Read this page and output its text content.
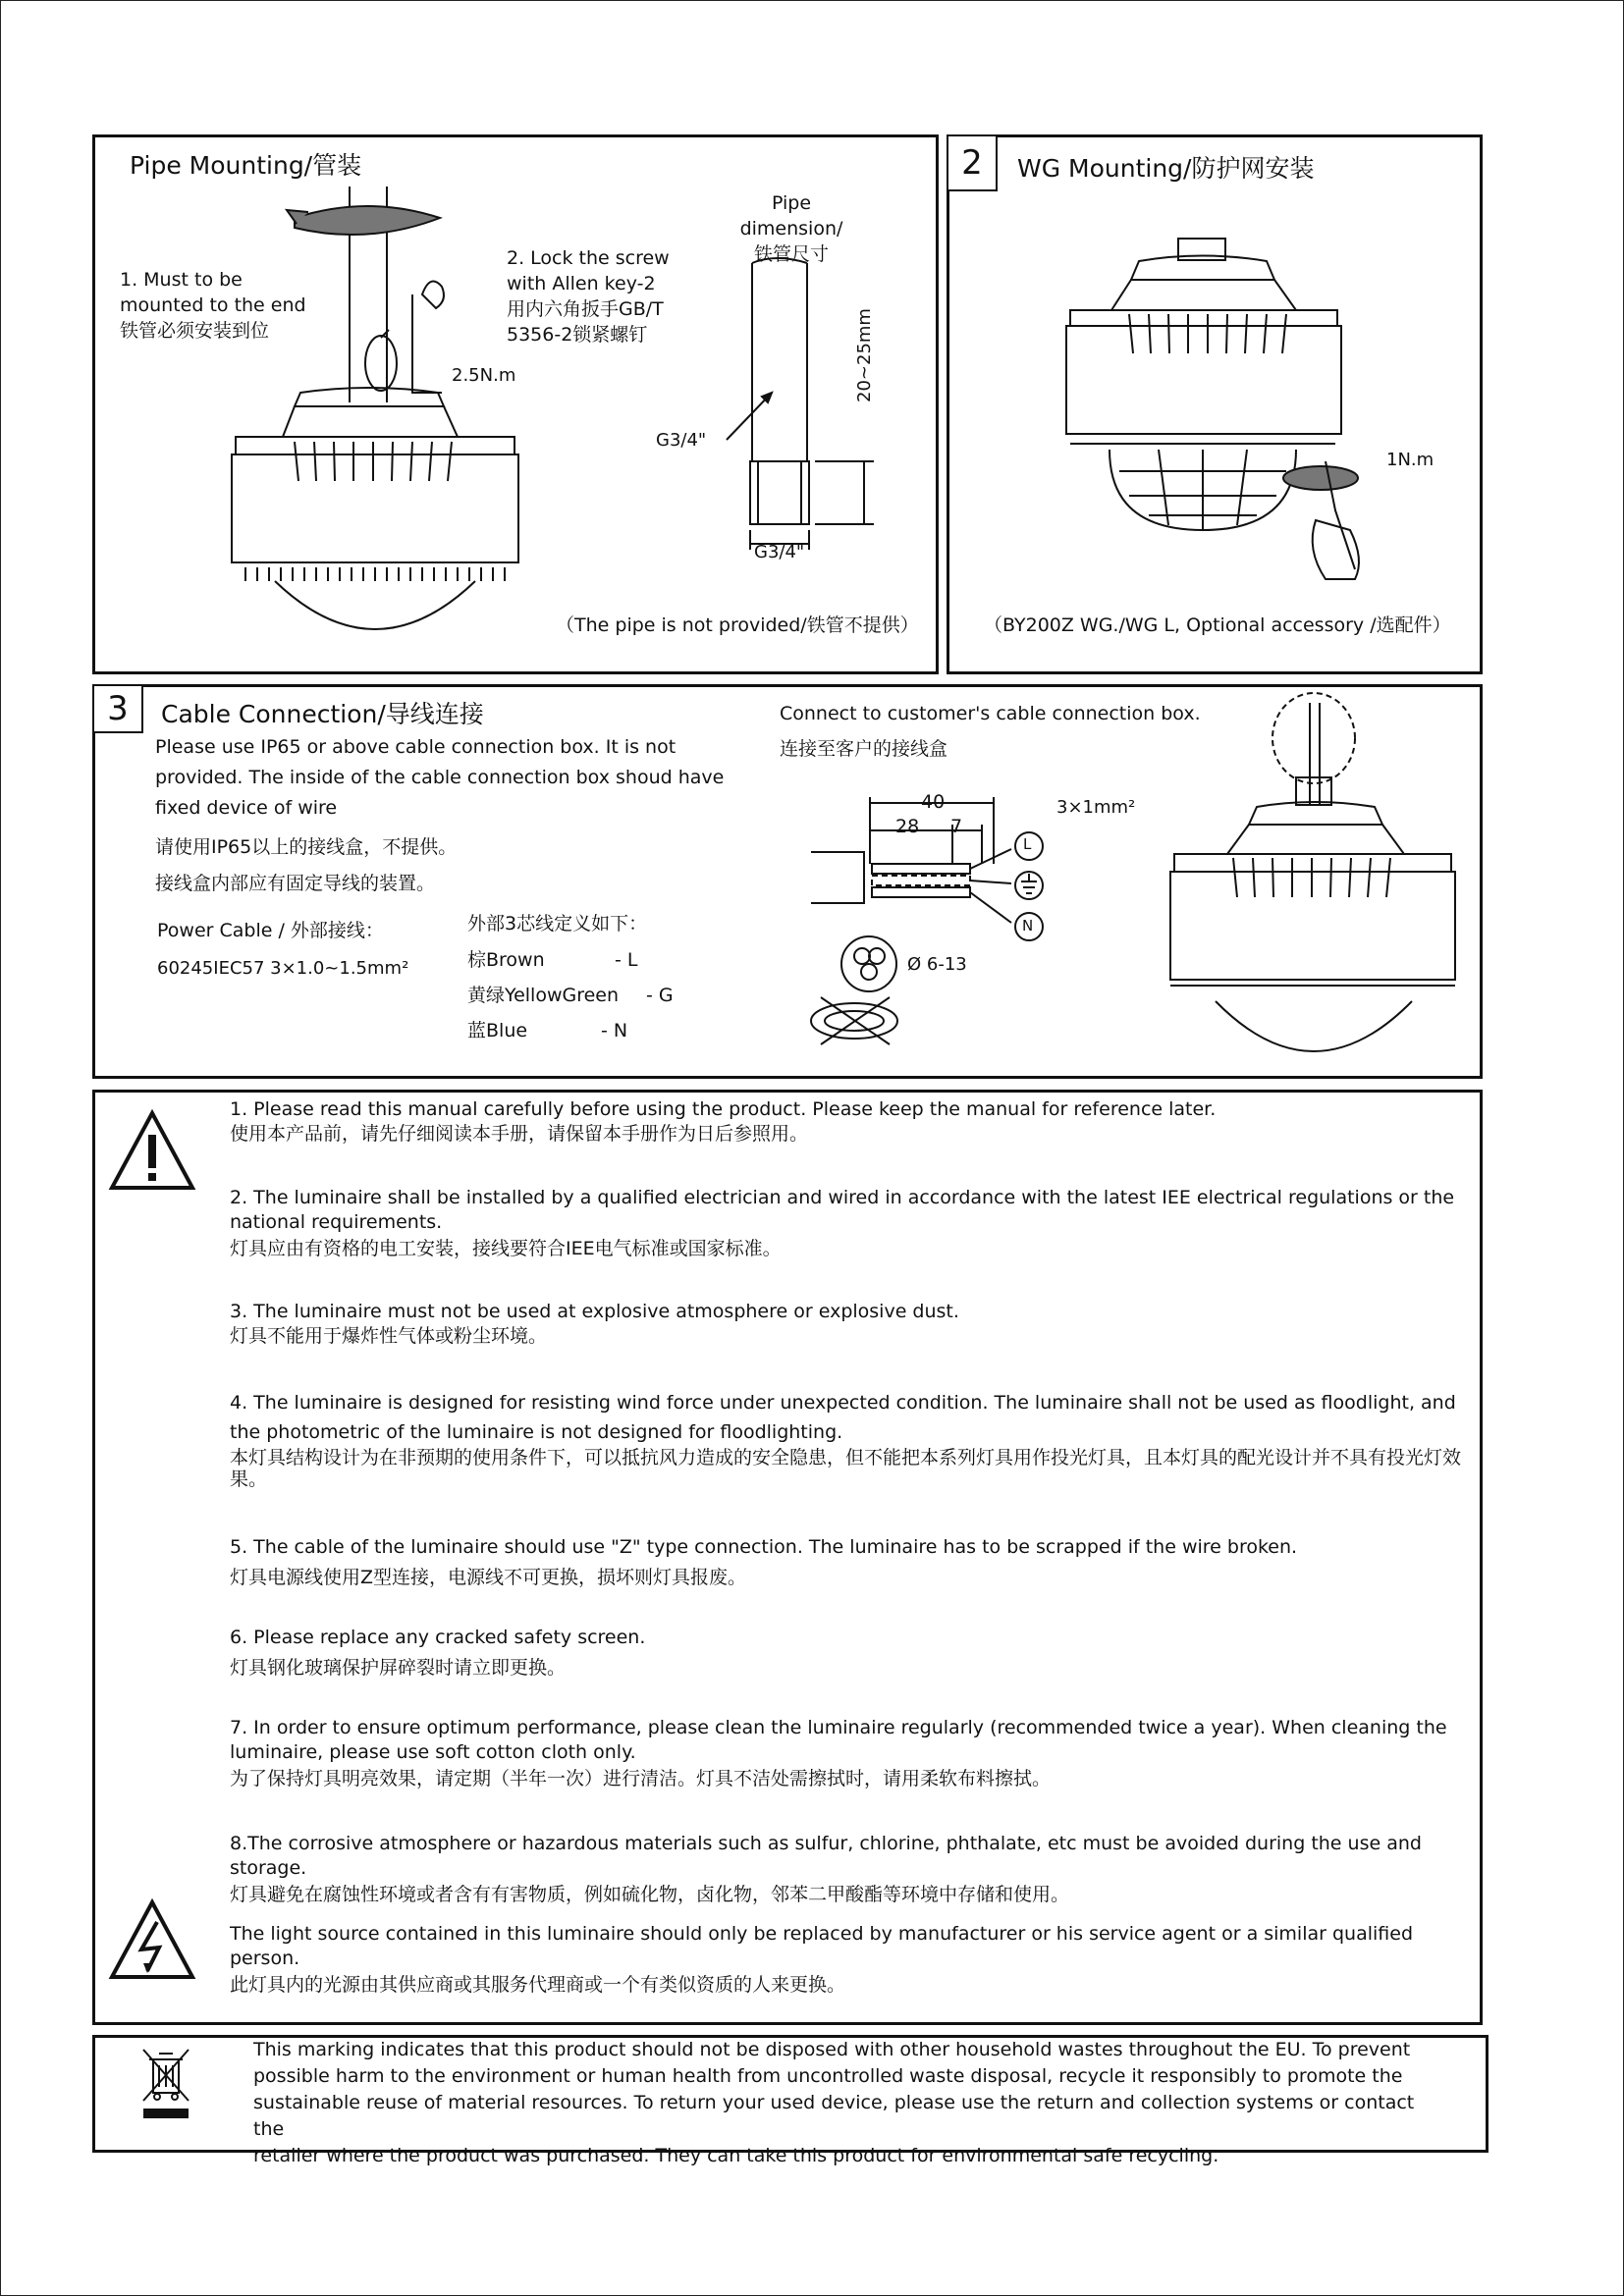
Pipe Mounting/管装
1. Must to be
mounted to the end
铁管必须安装到位
2. Lock the screw
with Allen key-2
用内六角扳手GB/T
5356-2锁紧螺钉
2.5N.m
Pipe dimension/
铁管尺寸
G3/4"
G3/4"
20~25mm
（The pipe is not provided/铁管不提供）
2	WG Mounting/防护网安装
1N.m
（BY200Z WG./WG L, Optional accessory /选配件）
3	Cable Connection/导线连接
Please use IP65 or above cable connection box. It is not
provided. The inside of the cable connection box shoud have
fixed device of wire
请使用IP65以上的接线盒，不提供。
接线盒内部应有固定导线的装置。
Power Cable / 外部接线：
60245IEC57 3×1.0~1.5mm²
外部3芯线定义如下：
棕Brown	- L
黄绿YellowGreen - G
蓝Blue	- N
Connect to customer's cable connection box.
连接至客户的接线盒
40
28 7
3×1mm²
Ø 6-13
L
N

1. Please read this manual carefully before using the product. Please keep the manual for reference later.

使用本产品前，请先仔细阅读本手册，请保留本手册作为日后参照用。

2. The luminaire shall be installed by a qualified electrician and wired in accordance with the latest IEE electrical regulations or the national requirements.

灯具应由有资格的电工安装，接线要符合IEE电气标准或国家标准。

3. The luminaire must not be used at explosive atmosphere or explosive dust.

灯具不能用于爆炸性气体或粉尘环境。

4. The luminaire is designed for resisting wind force under unexpected condition. The luminaire shall not be used as floodlight, and the photometric of the luminaire is not designed for floodlighting.

本灯具结构设计为在非预期的使用条件下，可以抵抗风力造成的安全隐患，但不能把本系列灯具用作投光灯具，且本灯具的配光设计并不具有投光灯效果。

5. The cable of the luminaire should use "Z" type connection. The luminaire has to be scrapped if the wire broken.

灯具电源线使用Z型连接，电源线不可更换，损坏则灯具报废。

6. Please replace any cracked safety screen.

灯具钢化玻璃保护屏碎裂时请立即更换。

7. In order to ensure optimum performance, please clean the luminaire regularly (recommended twice a year). When cleaning the luminaire, please use soft cotton cloth only.

为了保持灯具明亮效果，请定期（半年一次）进行清洁。灯具不洁处需擦拭时，请用柔软布料擦拭。

8.The corrosive atmosphere or hazardous materials such as sulfur, chlorine, phthalate, etc must be avoided during the use and storage.

灯具避免在腐蚀性环境或者含有有害物质，例如硫化物，卤化物，邻苯二甲酸酯等环境中存储和使用。

The light source contained in this luminaire should only be replaced by manufacturer or his service agent or a similar qualified person.

此灯具内的光源由其供应商或其服务代理商或一个有类似资质的人来更换。

This marking indicates that this product should not be disposed with other household wastes throughout the EU. To prevent

possible harm to the environment or human health from uncontrolled waste disposal, recycle it responsibly to promote the

sustainable reuse of material resources. To return your used device, please use the return and collection systems or contact the

retailer where the product was purchased. They can take this product for environmental safe recycling.
